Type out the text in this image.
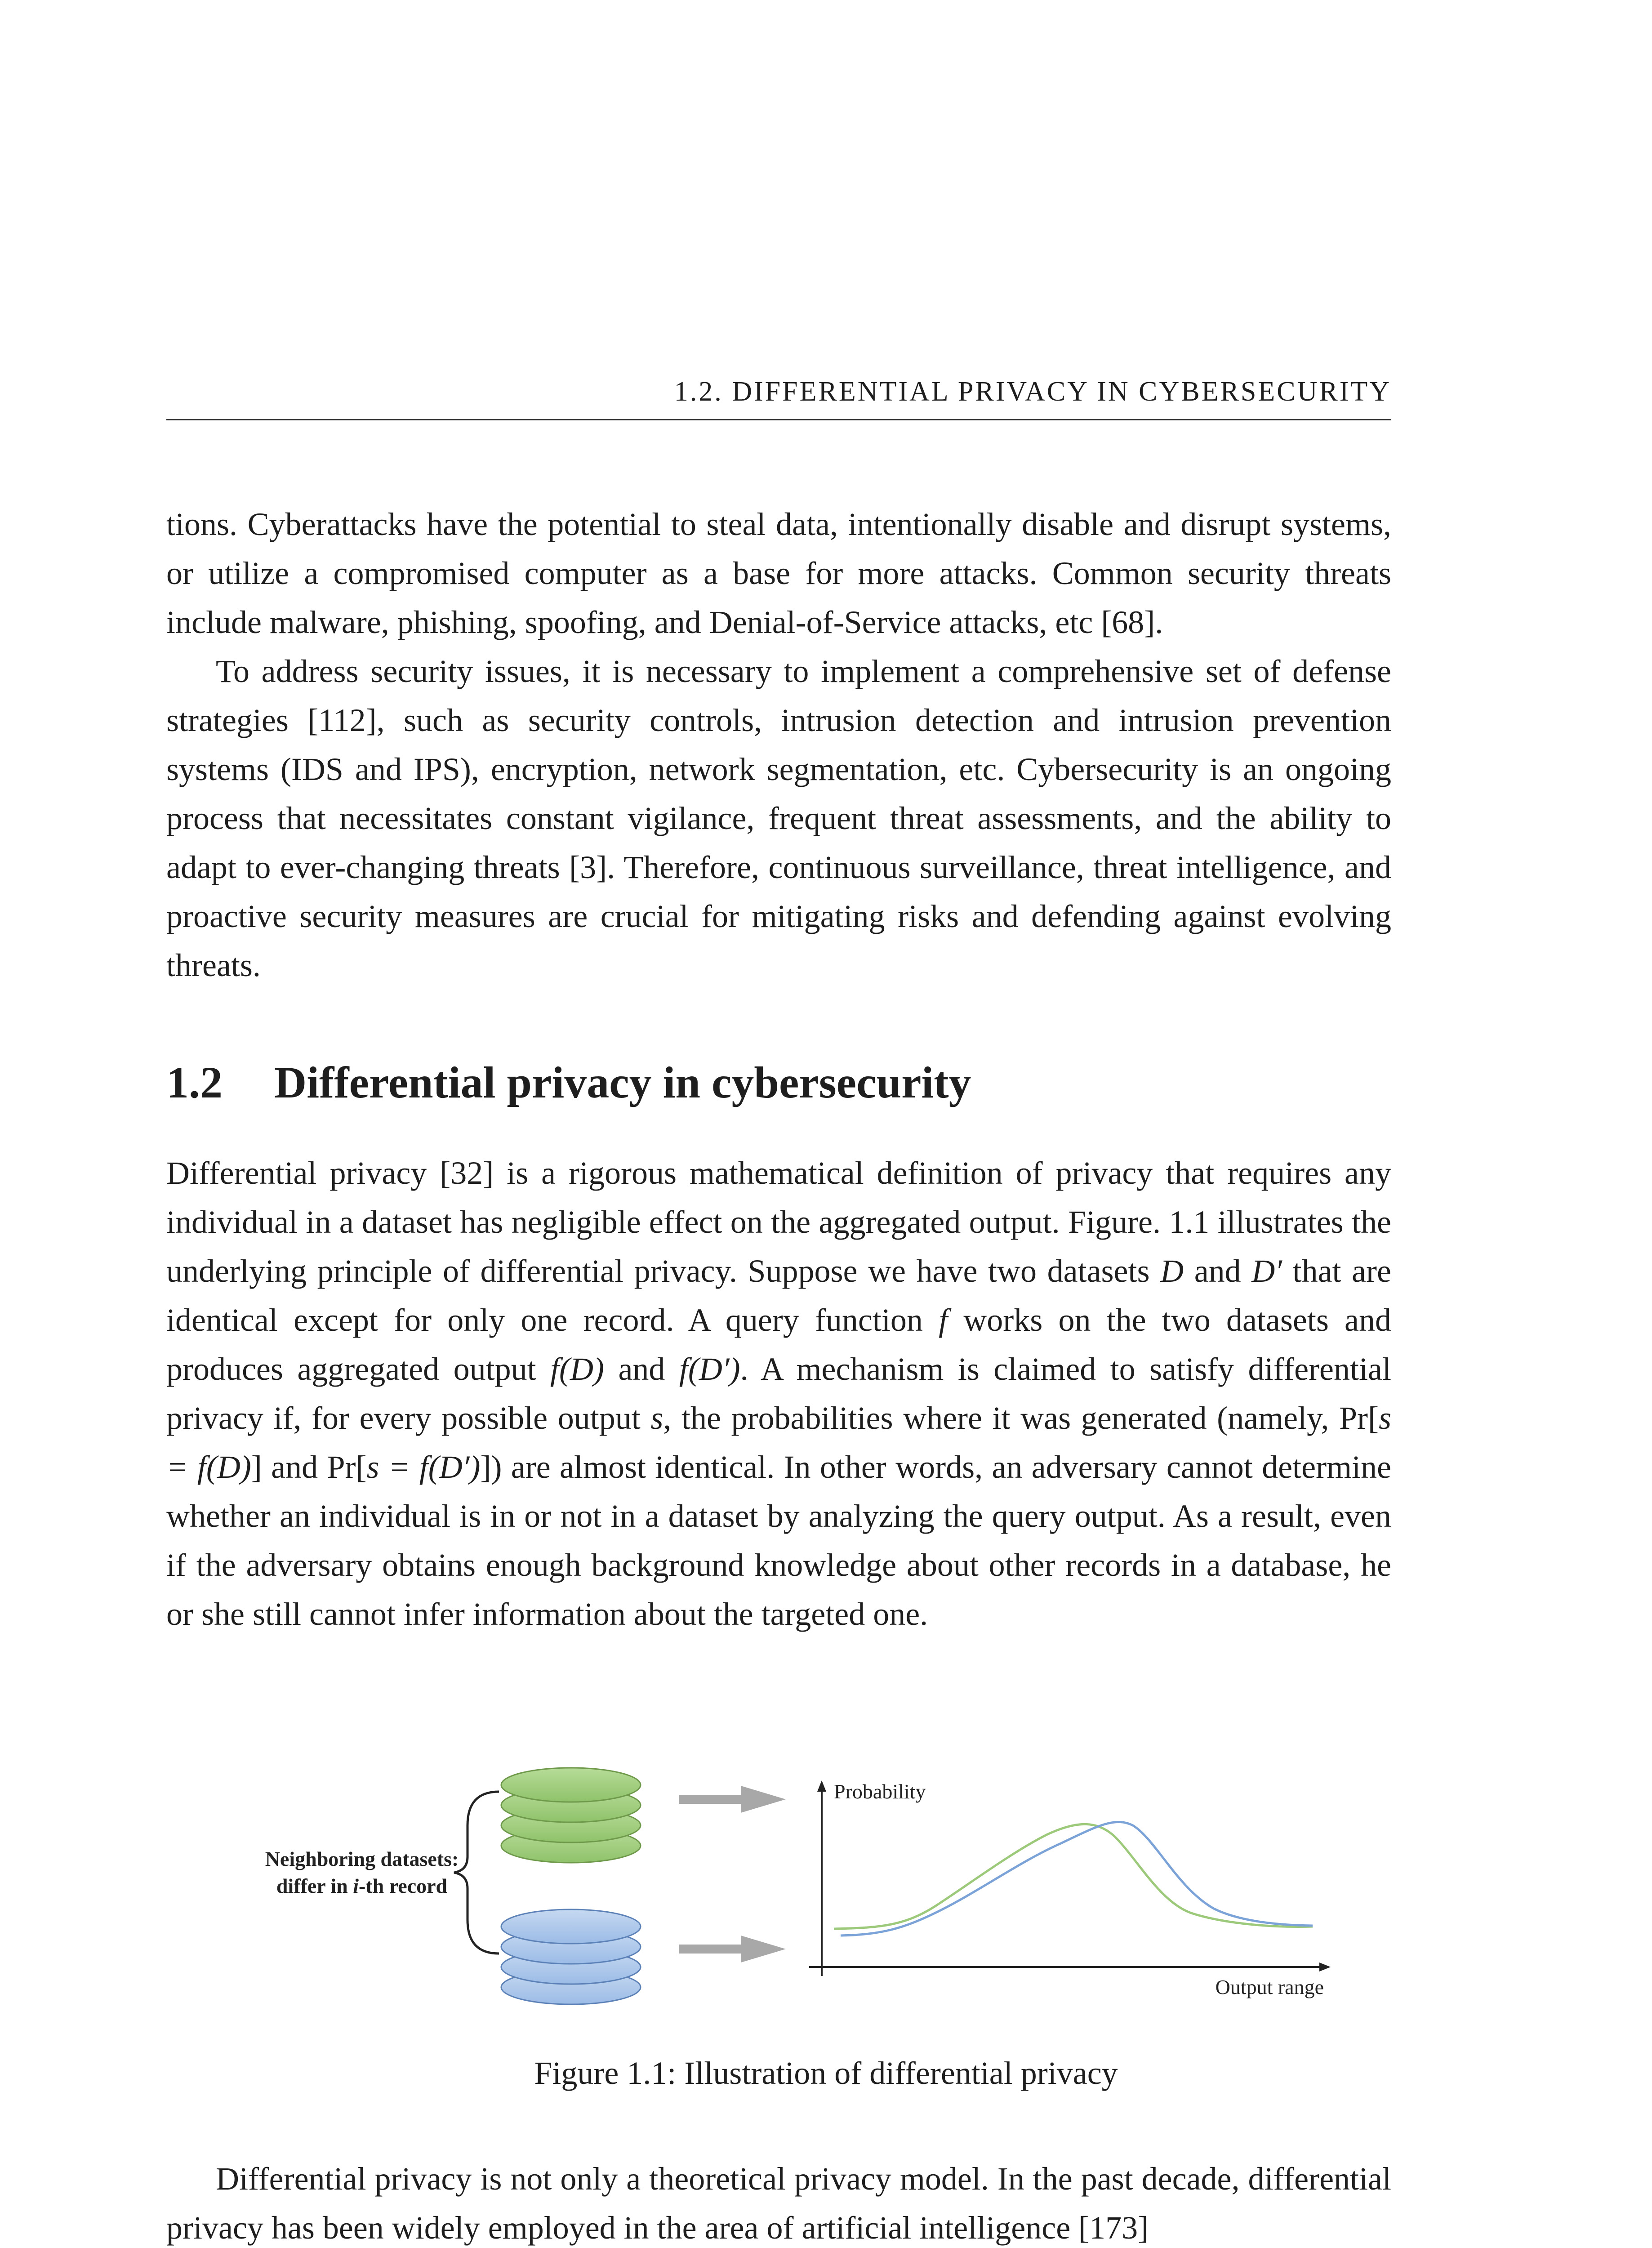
1.2. DIFFERENTIAL PRIVACY IN CYBERSECURITY

tions. Cyberattacks have the potential to steal data, intentionally disable and disrupt systems, or utilize a compromised computer as a base for more attacks. Common security threats include malware, phishing, spoofing, and Denial-of-Service attacks, etc [68].

To address security issues, it is necessary to implement a comprehensive set of defense strategies [112], such as security controls, intrusion detection and intrusion prevention systems (IDS and IPS), encryption, network segmentation, etc. Cybersecurity is an ongoing process that necessitates constant vigilance, frequent threat assessments, and the ability to adapt to ever-changing threats [3]. Therefore, continuous surveillance, threat intelligence, and proactive security measures are crucial for mitigating risks and defending against evolving threats.

1.2 Differential privacy in cybersecurity

Differential privacy [32] is a rigorous mathematical definition of privacy that requires any individual in a dataset has negligible effect on the aggregated output. Figure. 1.1 illustrates the underlying principle of differential privacy. Suppose we have two datasets D and D′ that are identical except for only one record. A query function f works on the two datasets and produces aggregated output f(D) and f(D′). A mechanism is claimed to satisfy differential privacy if, for every possible output s, the probabilities where it was generated (namely, Pr[s = f(D)] and Pr[s = f(D′)]) are almost identical. In other words, an adversary cannot determine whether an individual is in or not in a dataset by analyzing the query output. As a result, even if the adversary obtains enough background knowledge about other records in a database, he or she still cannot infer information about the targeted one.

Neighboring datasets:
differ in i-th record
Probability
Output range
Figure 1.1: Illustration of differential privacy
Differential privacy is not only a theoretical privacy model. In the past decade, differential privacy has been widely employed in the area of artificial intelligence [173]
